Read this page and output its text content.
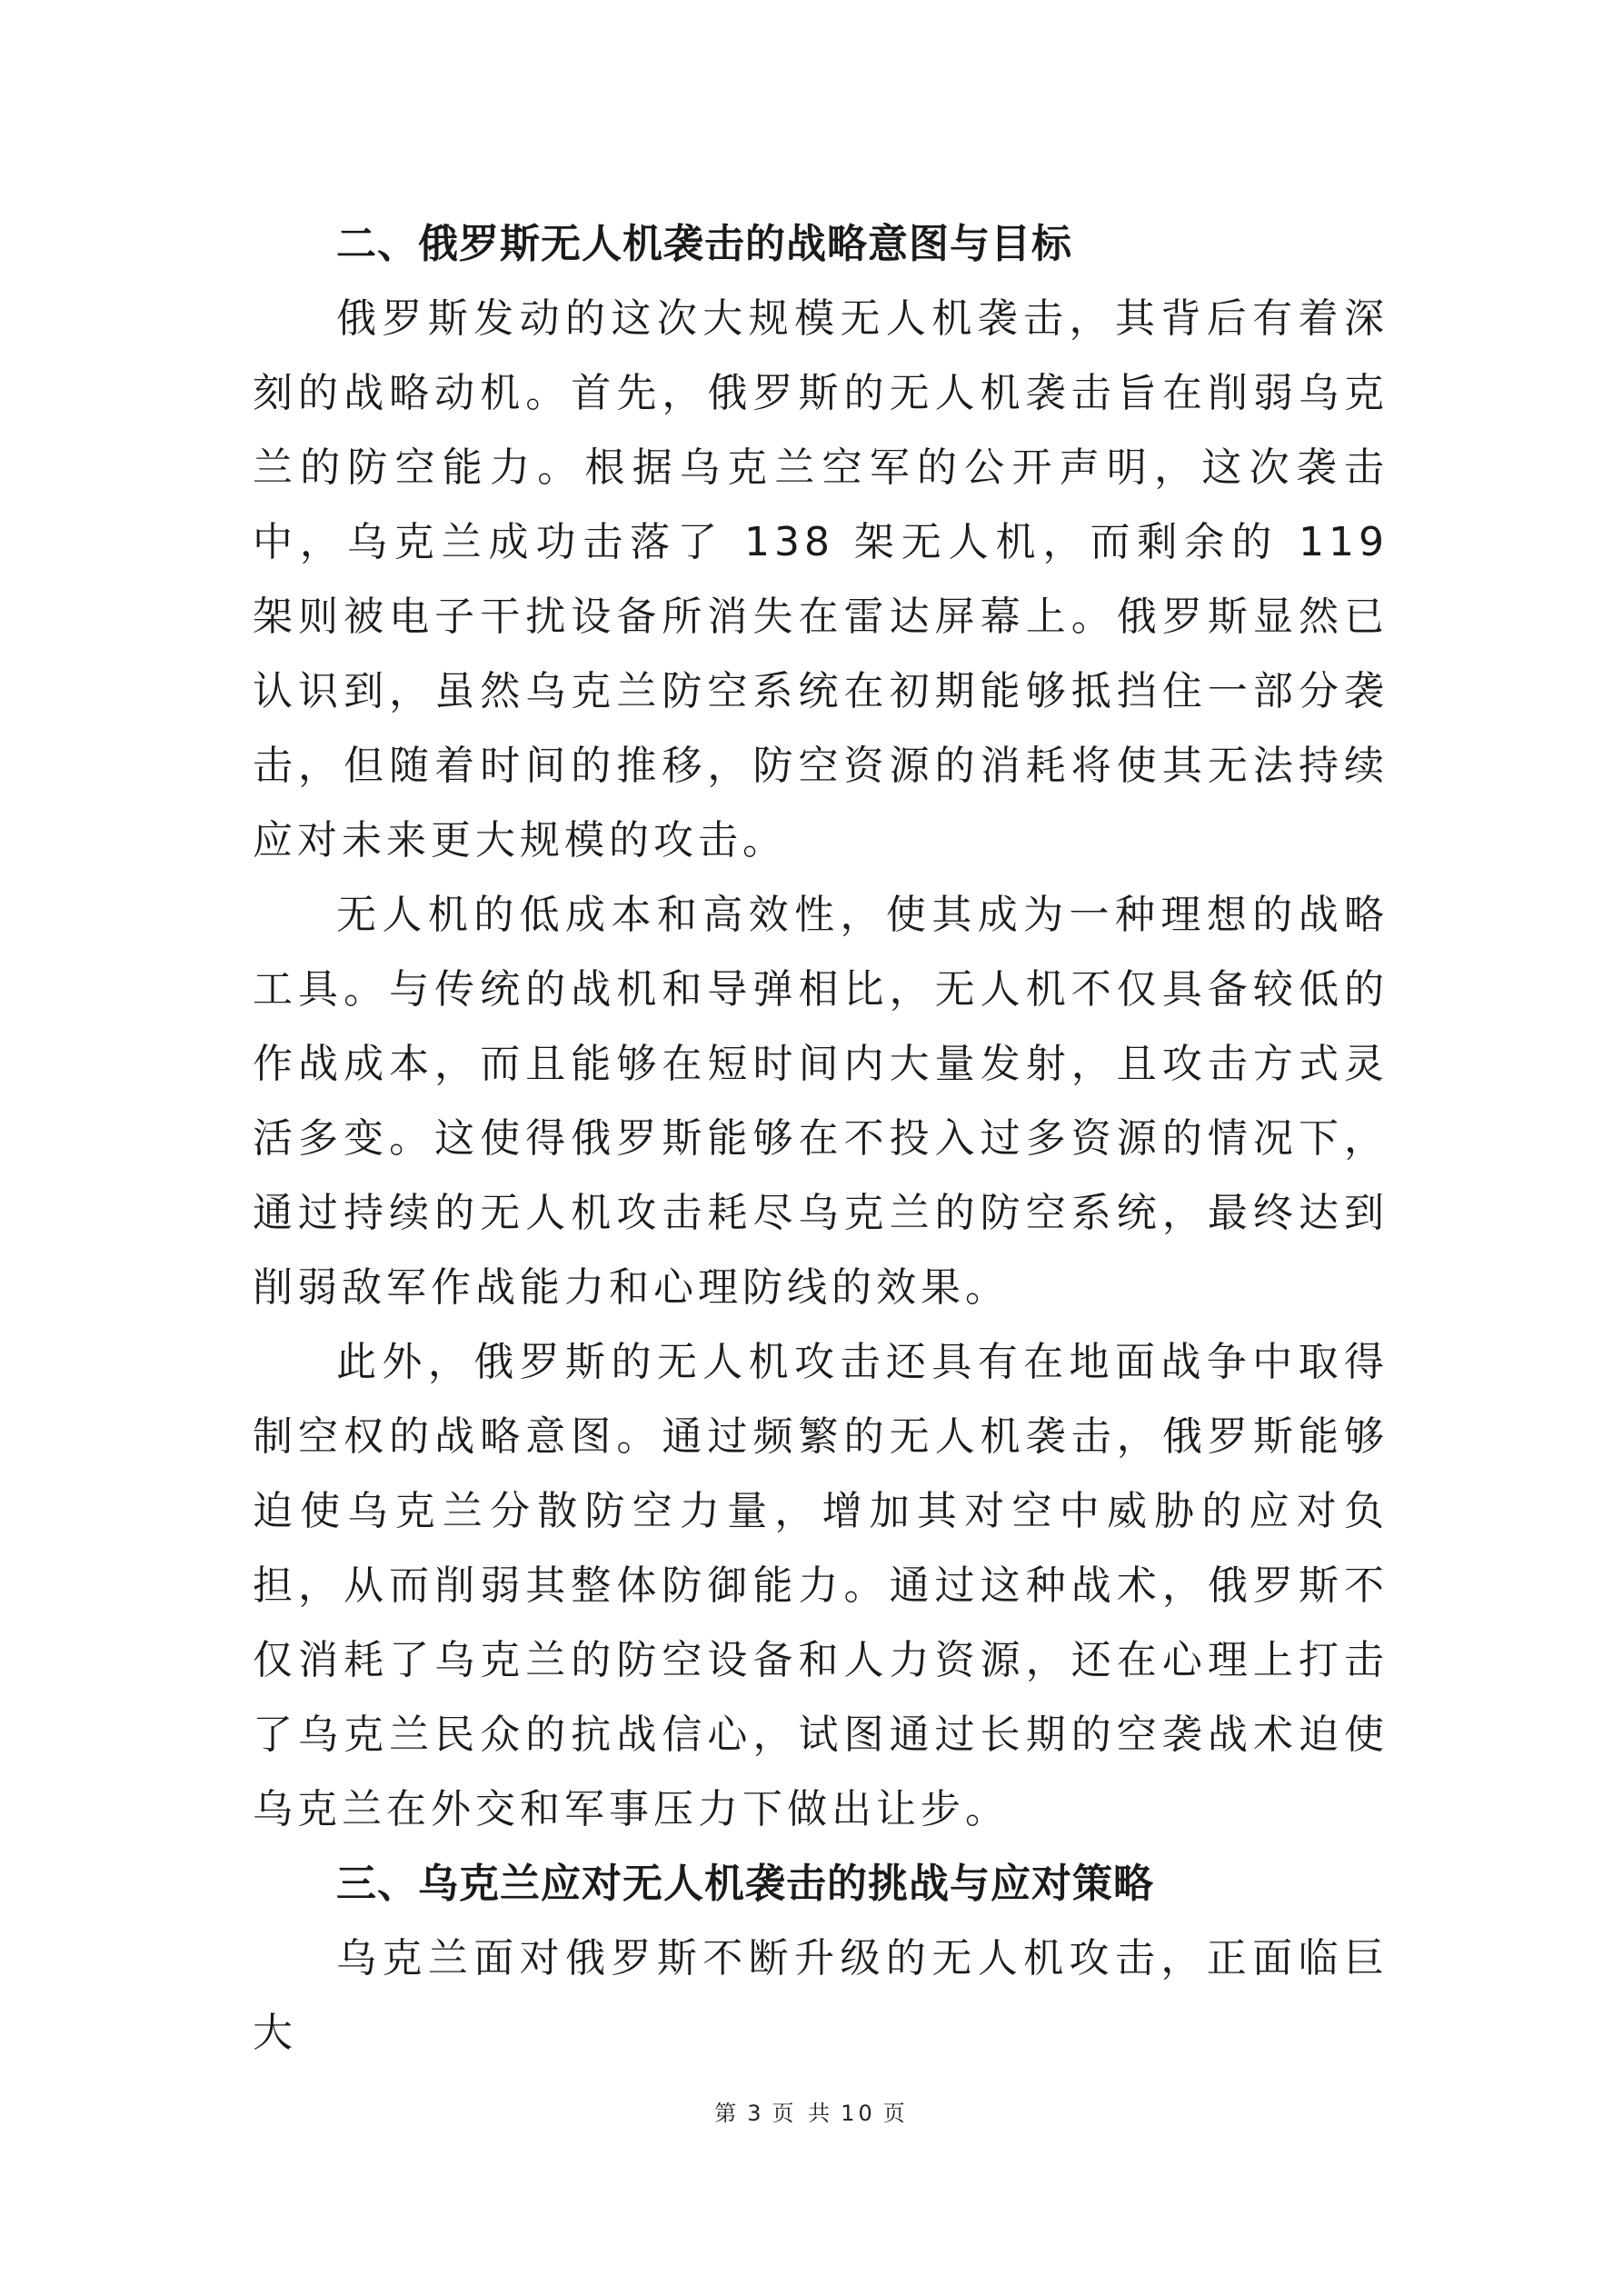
二、俄罗斯无人机袭击的战略意图与目标

俄罗斯发动的这次大规模无人机袭击，其背后有着深刻的战略动机。首先，俄罗斯的无人机袭击旨在削弱乌克兰的防空能力。根据乌克兰空军的公开声明，这次袭击中，乌克兰成功击落了 138 架无人机，而剩余的 119 架则被电子干扰设备所消失在雷达屏幕上。俄罗斯显然已认识到，虽然乌克兰防空系统在初期能够抵挡住一部分袭击，但随着时间的推移，防空资源的消耗将使其无法持续应对未来更大规模的攻击。

无人机的低成本和高效性，使其成为一种理想的战略工具。与传统的战机和导弹相比，无人机不仅具备较低的作战成本，而且能够在短时间内大量发射，且攻击方式灵活多变。这使得俄罗斯能够在不投入过多资源的情况下，通过持续的无人机攻击耗尽乌克兰的防空系统，最终达到削弱敌军作战能力和心理防线的效果。

此外，俄罗斯的无人机攻击还具有在地面战争中取得制空权的战略意图。通过频繁的无人机袭击，俄罗斯能够迫使乌克兰分散防空力量，增加其对空中威胁的应对负担，从而削弱其整体防御能力。通过这种战术，俄罗斯不仅消耗了乌克兰的防空设备和人力资源，还在心理上打击了乌克兰民众的抗战信心，试图通过长期的空袭战术迫使乌克兰在外交和军事压力下做出让步。

三、乌克兰应对无人机袭击的挑战与应对策略

乌克兰面对俄罗斯不断升级的无人机攻击，正面临巨大

第 3 页 共 10 页
